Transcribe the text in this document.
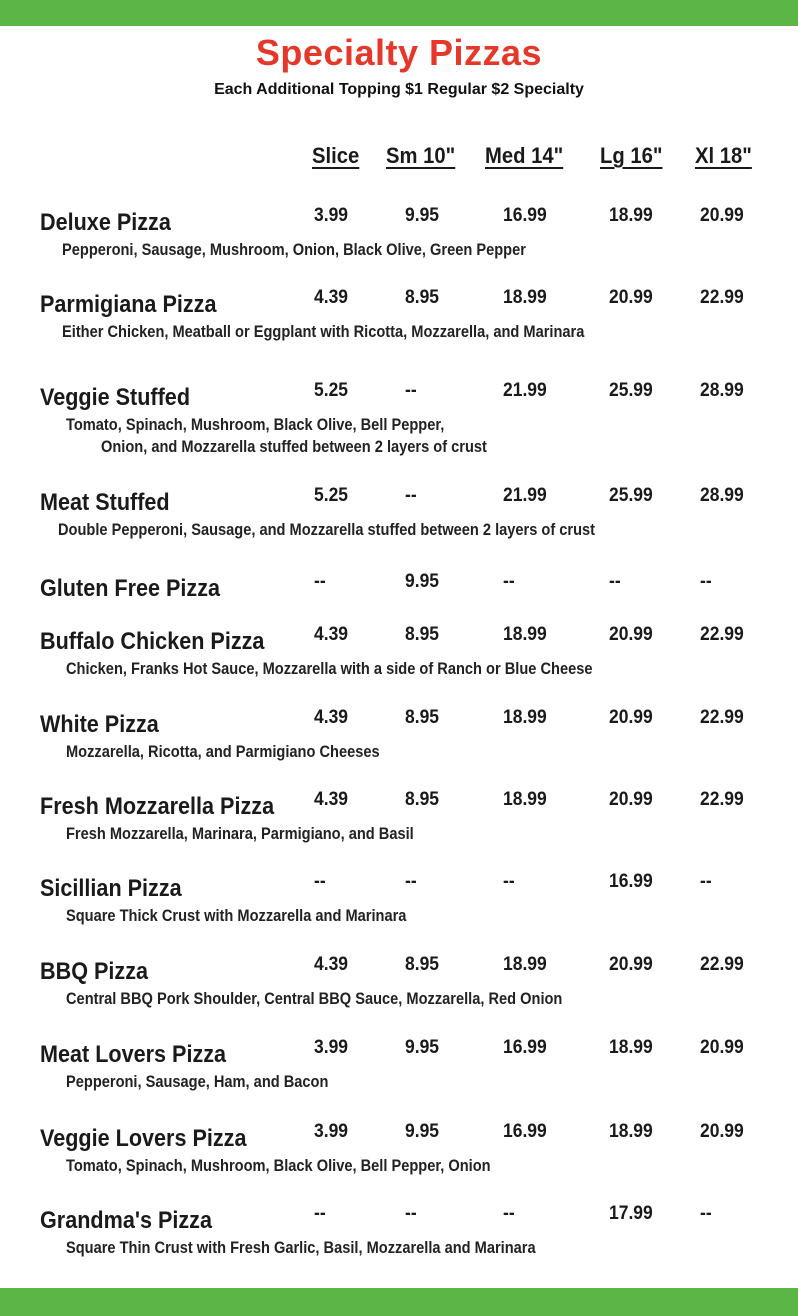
Specialty Pizzas
Each Additional Topping $1 Regular $2 Specialty
Slice Sm 10" Med 14" Lg 16" Xl 18"
Deluxe Pizza	3.99	9.95	16.99	18.99 20.99
Pepperoni, Sausage, Mushroom, Onion, Black Olive, Green Pepper
Parmigiana Pizza	4.39	8.95	18.99	20.99 22.99
Either Chicken, Meatball or Eggplant with Ricotta, Mozzarella, and Marinara
Veggie Stuffed	5.25	--	21.99	25.99 28.99
Tomato, Spinach, Mushroom, Black Olive, Bell Pepper,
Onion, and Mozzarella stuffed between 2 layers of crust
Meat Stuffed	5.25	--	21.99	25.99 28.99
Double Pepperoni, Sausage, and Mozzarella stuffed between 2 layers of crust
Gluten Free Pizza	--	9.95	--	--	--
Buffalo Chicken Pizza	4.39	8.95	18.99	20.99 22.99
Chicken, Franks Hot Sauce, Mozzarella with a side of Ranch or Blue Cheese
White Pizza	4.39	8.95	18.99	20.99 22.99
Mozzarella, Ricotta, and Parmigiano Cheeses
Fresh Mozzarella Pizza 4.39	8.95	18.99	20.99 22.99
Fresh Mozzarella, Marinara, Parmigiano, and Basil
Sicillian Pizza	--	--	--	16.99 --
Square Thick Crust with Mozzarella and Marinara
BBQ Pizza	4.39	8.95	18.99	20.99 22.99
Central BBQ Pork Shoulder, Central BBQ Sauce, Mozzarella, Red Onion
Meat Lovers Pizza	3.99	9.95	16.99	18.99 20.99
Pepperoni, Sausage, Ham, and Bacon
Veggie Lovers Pizza	3.99	9.95	16.99	18.99 20.99
Tomato, Spinach, Mushroom, Black Olive, Bell Pepper, Onion
Grandma's Pizza	--	--	--	17.99 --
Square Thin Crust with Fresh Garlic, Basil, Mozzarella and Marinara
